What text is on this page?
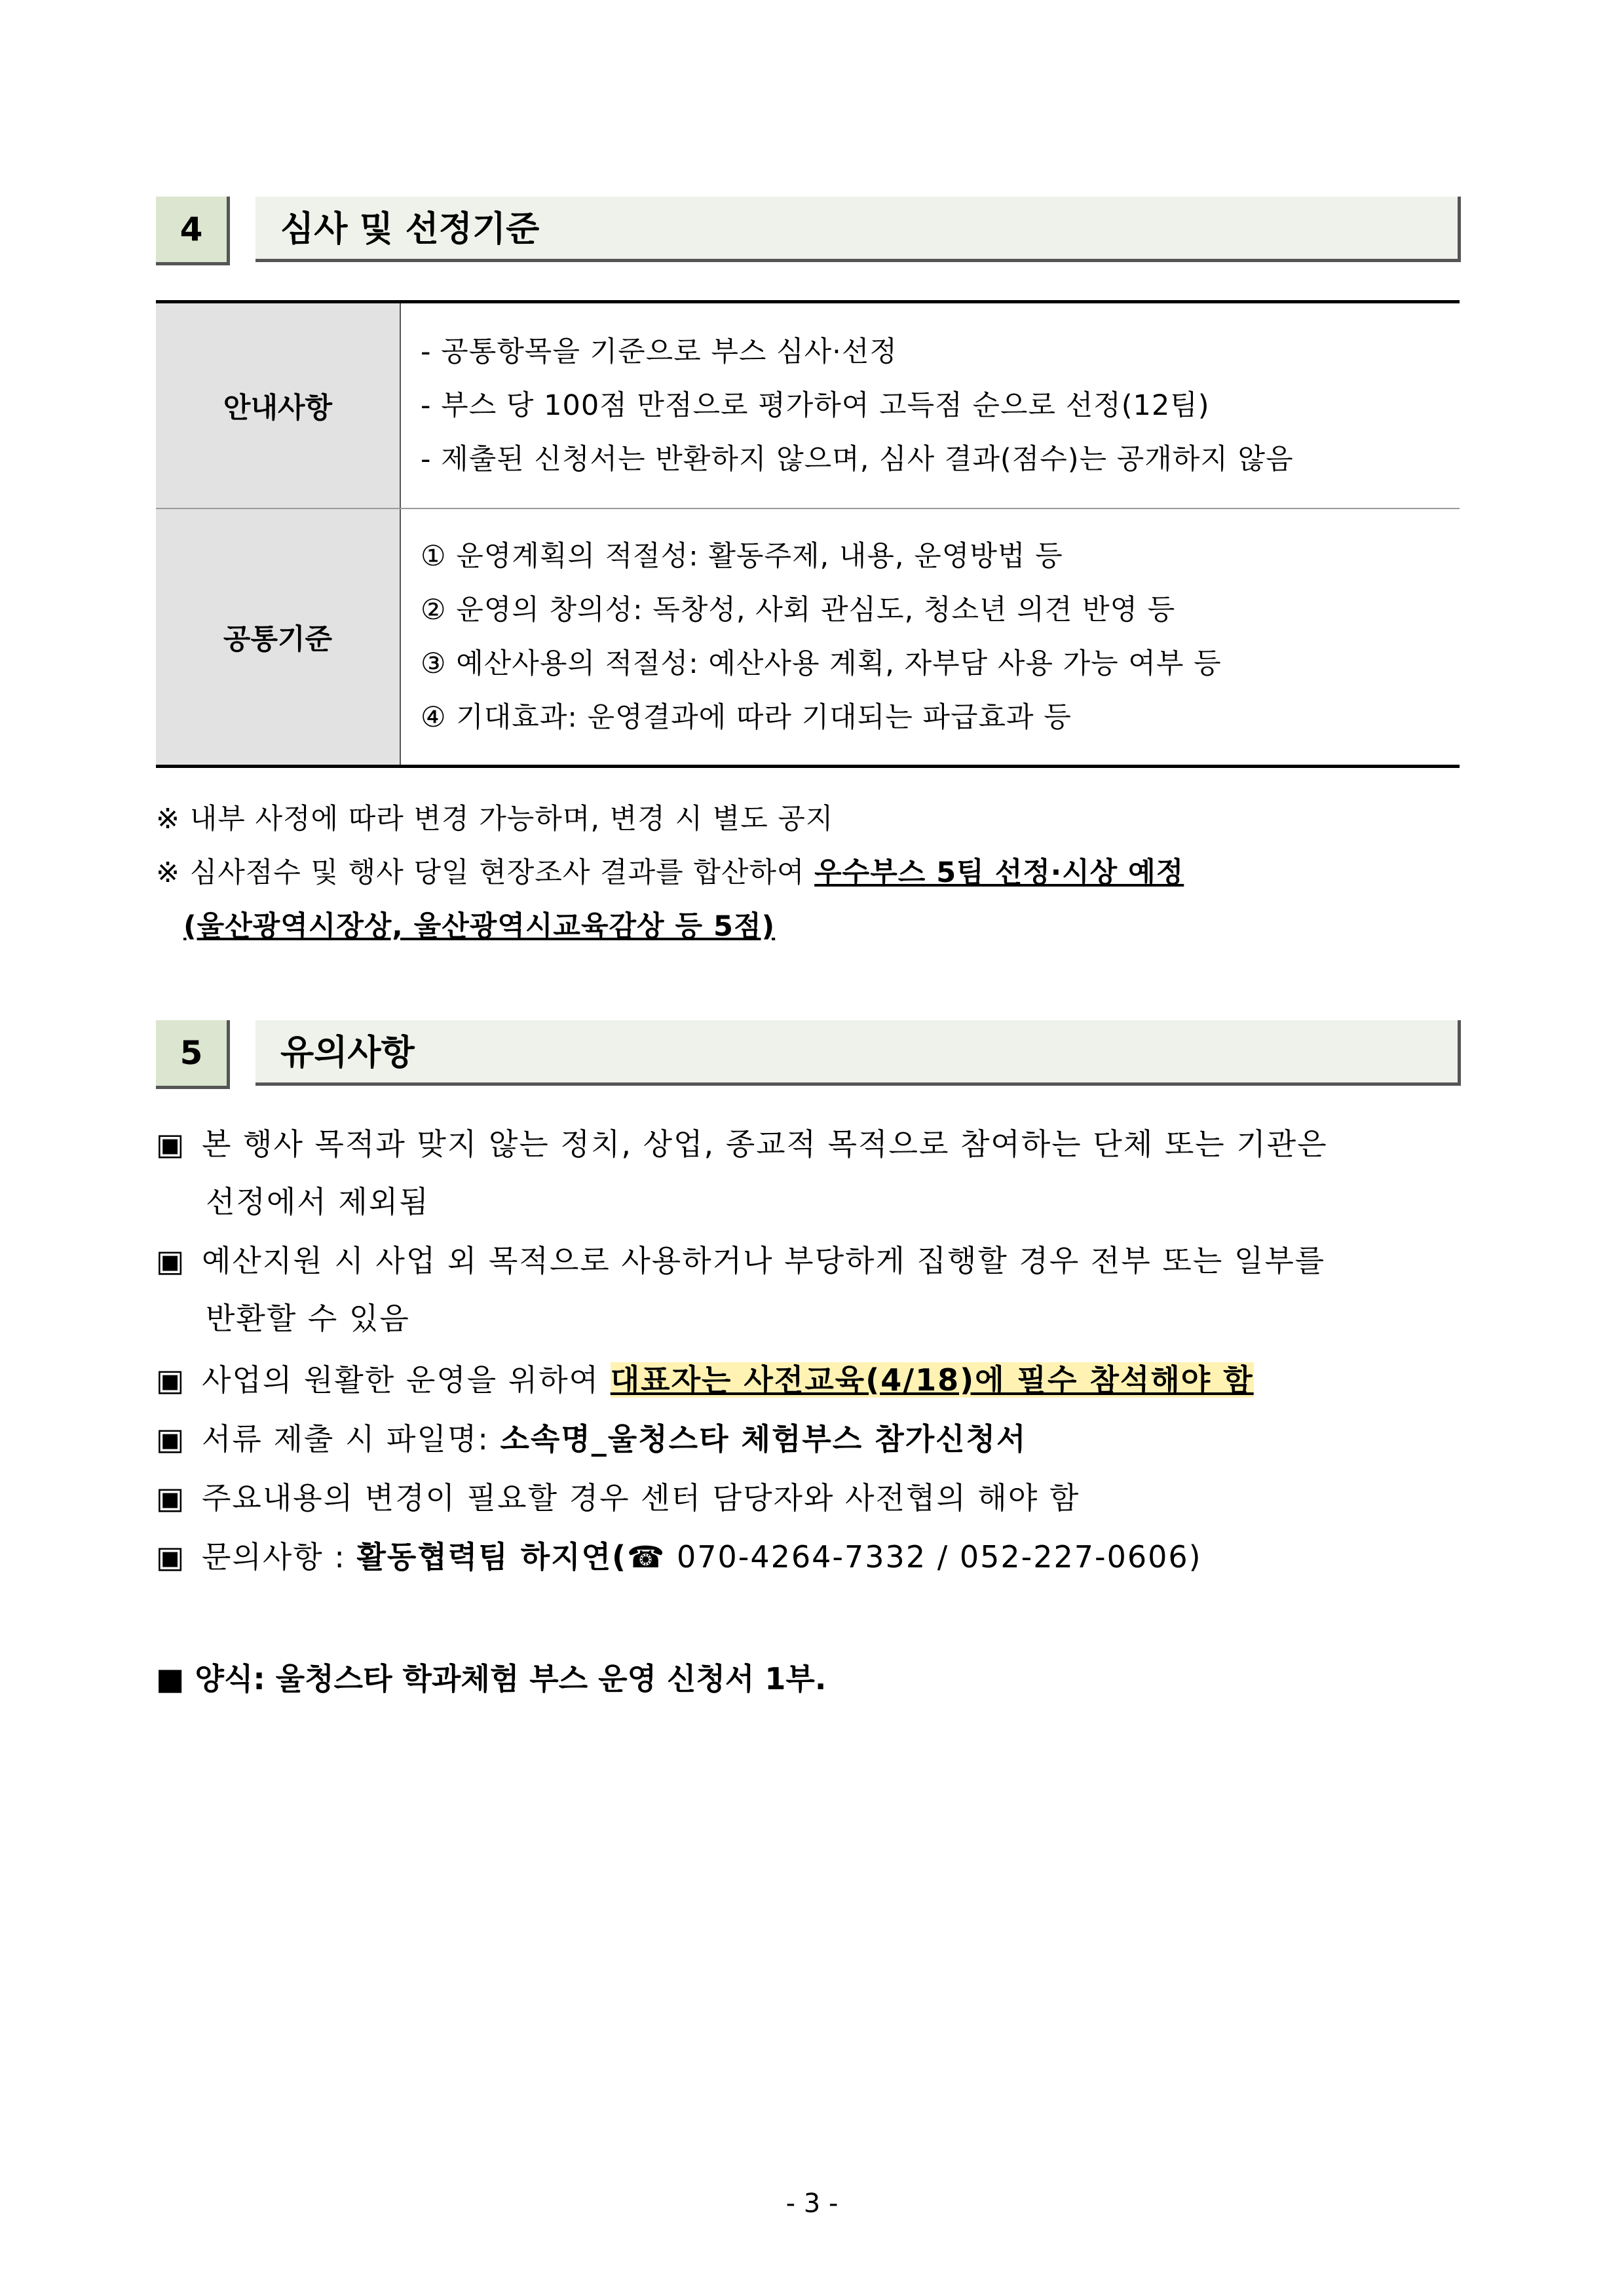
4	심사 및 선정기준
안내사항	- 공통항목을 기준으로 부스 심사·선정
- 부스 당 100점 만점으로 평가하여 고득점 순으로 선정(12팀)
- 제출된 신청서는 반환하지 않으며, 심사 결과(점수)는 공개하지 않음

공통기준	① 운영계획의 적절성: 활동주제, 내용, 운영방법 등
② 운영의 창의성: 독창성, 사회 관심도, 청소년 의견 반영 등
③ 예산사용의 적절성: 예산사용 계획, 자부담 사용 가능 여부 등
④ 기대효과: 운영결과에 따라 기대되는 파급효과 등
※ 내부 사정에 따라 변경 가능하며, 변경 시 별도 공지
※ 심사점수 및 행사 당일 현장조사 결과를 합산하여 우수부스 5팀 선정·시상 예정
(울산광역시장상, 울산광역시교육감상 등 5점)
5	유의사항
▣ 본 행사 목적과 맞지 않는 정치, 상업, 종교적 목적으로 참여하는 단체 또는 기관은
선정에서 제외됨
▣ 예산지원 시 사업 외 목적으로 사용하거나 부당하게 집행할 경우 전부 또는 일부를
반환할 수 있음
▣ 사업의 원활한 운영을 위하여 대표자는 사전교육(4/18)에 필수 참석해야 함
▣ 서류 제출 시 파일명: 소속명_울청스타 체험부스 참가신청서
▣ 주요내용의 변경이 필요할 경우 센터 담당자와 사전협의 해야 함
▣ 문의사항 : 활동협력팀 하지연(☎ 070-4264-7332 / 052-227-0606)
■ 양식: 울청스타 학과체험 부스 운영 신청서 1부.
- 3 -
